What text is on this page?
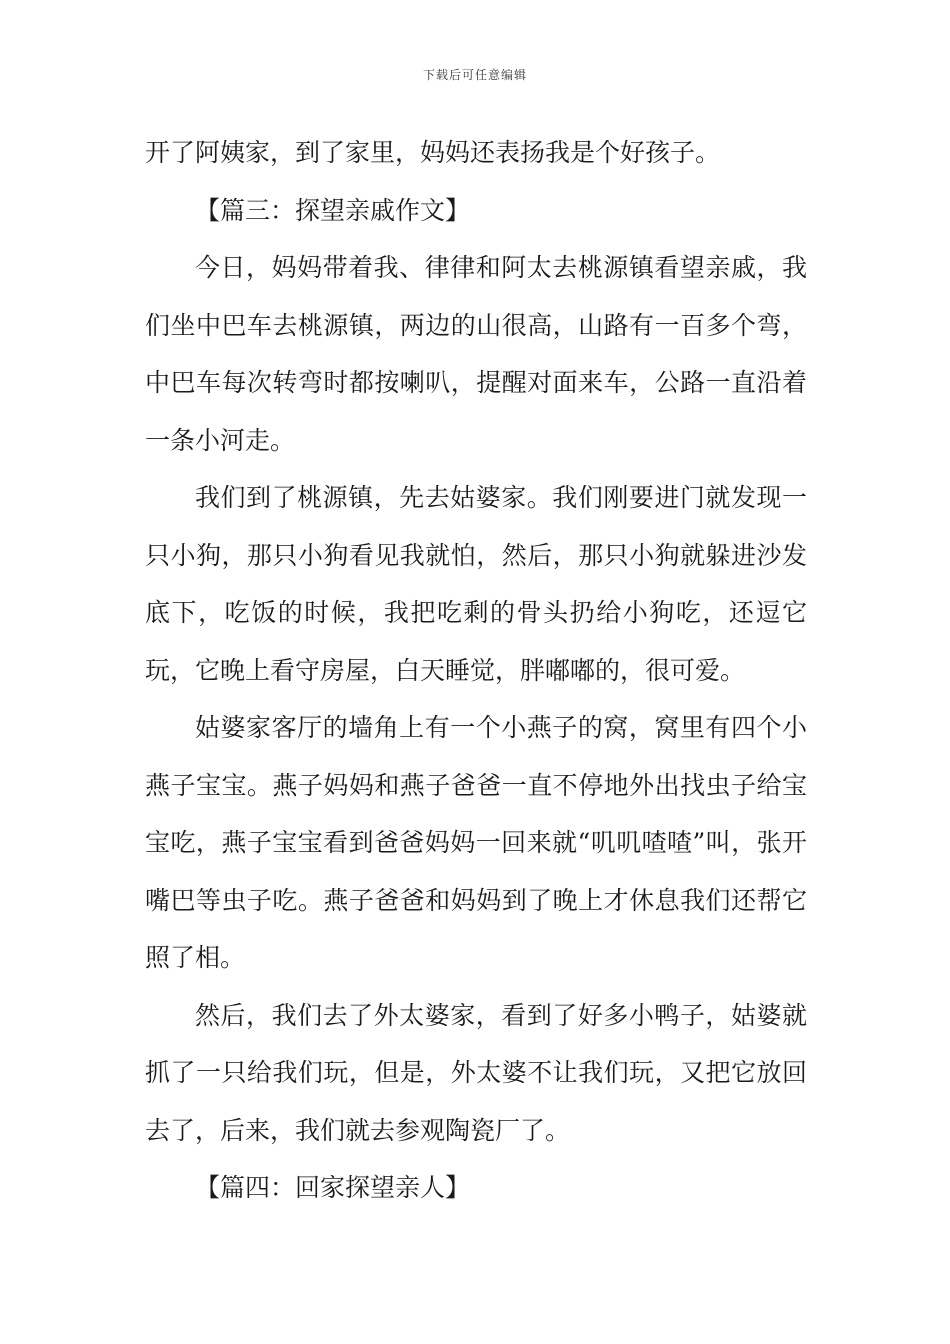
下载后可任意编辑

开了阿姨家，到了家里，妈妈还表扬我是个好孩子。

【篇三：探望亲戚作文】

今日，妈妈带着我、律律和阿太去桃源镇看望亲戚，我们坐中巴车去桃源镇，两边的山很高，山路有一百多个弯，中巴车每次转弯时都按喇叭，提醒对面来车，公路一直沿着一条小河走。

我们到了桃源镇，先去姑婆家。我们刚要进门就发现一只小狗，那只小狗看见我就怕，然后，那只小狗就躲进沙发底下，吃饭的时候，我把吃剩的骨头扔给小狗吃，还逗它玩，它晚上看守房屋，白天睡觉，胖嘟嘟的，很可爱。

姑婆家客厅的墙角上有一个小燕子的窝，窝里有四个小燕子宝宝。燕子妈妈和燕子爸爸一直不停地外出找虫子给宝宝吃，燕子宝宝看到爸爸妈妈一回来就“叽叽喳喳”叫，张开嘴巴等虫子吃。燕子爸爸和妈妈到了晚上才休息我们还帮它照了相。

然后，我们去了外太婆家，看到了好多小鸭子，姑婆就抓了一只给我们玩，但是，外太婆不让我们玩，又把它放回去了，后来，我们就去参观陶瓷厂了。

【篇四：回家探望亲人】
